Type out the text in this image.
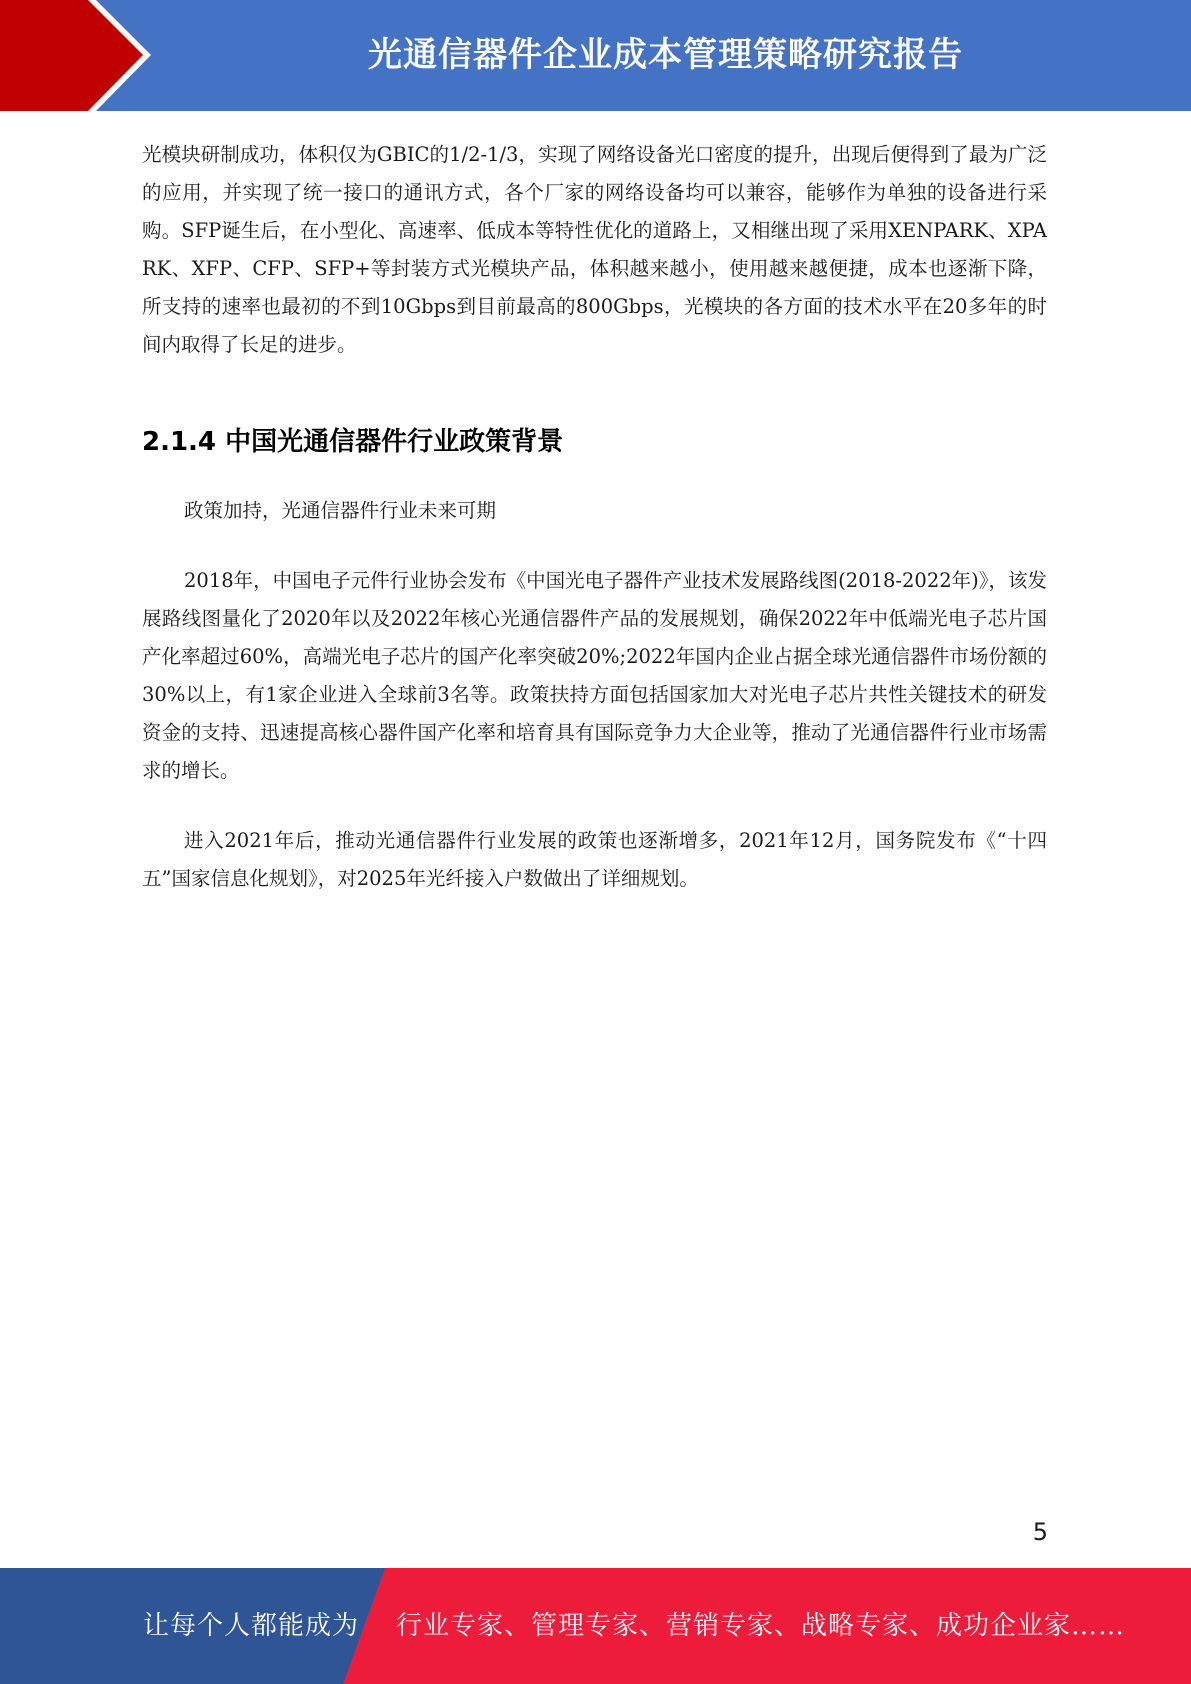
光通信器件企业成本管理策略研究报告

光模块研制成功，体积仅为GBIC的1/2-1/3，实现了网络设备光口密度的提升，出现后便得到了最为广泛的应用，并实现了统一接口的通讯方式，各个厂家的网络设备均可以兼容，能够作为单独的设备进行采购。SFP诞生后，在小型化、高速率、低成本等特性优化的道路上，又相继出现了采用XENPARK、XPARK、XFP、CFP、SFP+等封装方式光模块产品，体积越来越小，使用越来越便捷，成本也逐渐下降，所支持的速率也最初的不到10Gbps到目前最高的800Gbps，光模块的各方面的技术水平在20多年的时间内取得了长足的进步。

2.1.4 中国光通信器件行业政策背景

政策加持，光通信器件行业未来可期

2018年，中国电子元件行业协会发布《中国光电子器件产业技术发展路线图(2018-2022年)》，该发展路线图量化了2020年以及2022年核心光通信器件产品的发展规划，确保2022年中低端光电子芯片国产化率超过60%，高端光电子芯片的国产化率突破20%;2022年国内企业占据全球光通信器件市场份额的30%以上，有1家企业进入全球前3名等。政策扶持方面包括国家加大对光电子芯片共性关键技术的研发资金的支持、迅速提高核心器件国产化率和培育具有国际竞争力大企业等，推动了光通信器件行业市场需求的增长。

进入2021年后，推动光通信器件行业发展的政策也逐渐增多，2021年12月，国务院发布《“十四五”国家信息化规划》，对2025年光纤接入户数做出了详细规划。

5
让每个人都能成为 行业专家、管理专家、营销专家、战略专家、成功企业家……
